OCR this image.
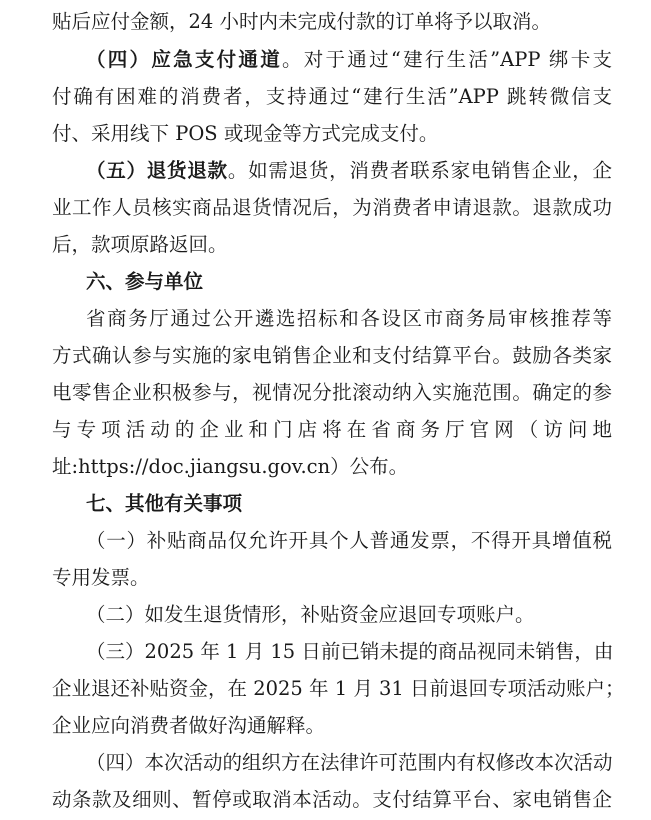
贴后应付金额，24 小时内未完成付款的订单将予以取消。
（四）应急支付通道。对于通过“建行生活”APP 绑卡支
付确有困难的消费者，支持通过“建行生活”APP 跳转微信支
付、采用线下 POS 或现金等方式完成支付。
（五）退货退款。如需退货，消费者联系家电销售企业，企
业工作人员核实商品退货情况后，为消费者申请退款。退款成功
后，款项原路返回。
六、参与单位
省商务厅通过公开遴选招标和各设区市商务局审核推荐等
方式确认参与实施的家电销售企业和支付结算平台。鼓励各类家
电零售企业积极参与，视情况分批滚动纳入实施范围。确定的参
与专项活动的企业和门店将在省商务厅官网（访问地
址:https://doc.jiangsu.gov.cn）公布。
七、其他有关事项
（一）补贴商品仅允许开具个人普通发票，不得开具增值税
专用发票。
（二）如发生退货情形，补贴资金应退回专项账户。
（三）2025 年 1 月 15 日前已销未提的商品视同未销售，由
企业退还补贴资金，在 2025 年 1 月 31 日前退回专项活动账户；
企业应向消费者做好沟通解释。
（四）本次活动的组织方在法律许可范围内有权修改本次活动
动条款及细则、暂停或取消本活动。支付结算平台、家电销售企
